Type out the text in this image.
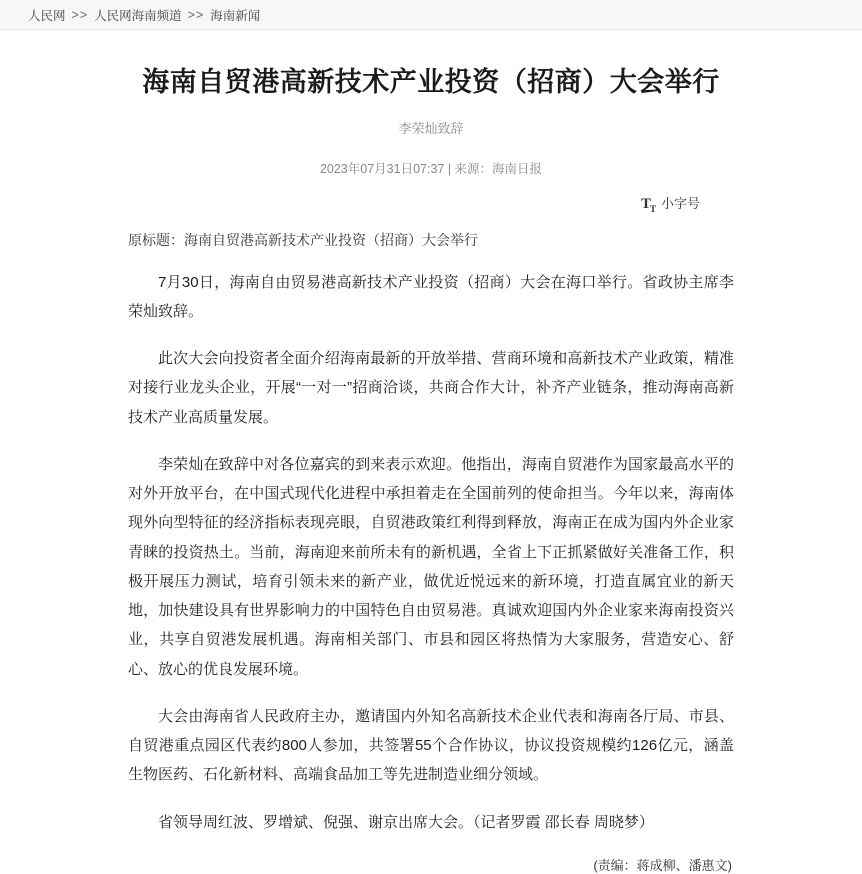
人民网 >> 人民网海南频道 >> 海南新闻
海南自贸港高新技术产业投资（招商）大会举行
李荣灿致辞
2023年07月31日07:37 | 来源：海南日报
$T_T$ 小字号
原标题：海南自贸港高新技术产业投资（招商）大会举行

7月30日，海南自由贸易港高新技术产业投资（招商）大会在海口举行。省政协主席李荣灿致辞。

此次大会向投资者全面介绍海南最新的开放举措、营商环境和高新技术产业政策，精准对接行业龙头企业，开展“一对一”招商洽谈，共商合作大计，补齐产业链条，推动海南高新技术产业高质量发展。

李荣灿在致辞中对各位嘉宾的到来表示欢迎。他指出，海南自贸港作为国家最高水平的对外开放平台，在中国式现代化进程中承担着走在全国前列的使命担当。今年以来，海南体现外向型特征的经济指标表现亮眼，自贸港政策红利得到释放，海南正在成为国内外企业家青睐的投资热土。当前，海南迎来前所未有的新机遇，全省上下正抓紧做好关准备工作，积极开展压力测试，培育引领未来的新产业，做优近悦远来的新环境，打造直属宜业的新天地，加快建设具有世界影响力的中国特色自由贸易港。真诚欢迎国内外企业家来海南投资兴业，共享自贸港发展机遇。海南相关部门、市县和园区将热情为大家服务，营造安心、舒心、放心的优良发展环境。

大会由海南省人民政府主办，邀请国内外知名高新技术企业代表和海南各厅局、市县、自贸港重点园区代表约800人参加，共签署55个合作协议，协议投资规模约126亿元，涵盖生物医药、石化新材料、高端食品加工等先进制造业细分领域。

省领导周红波、罗增斌、倪强、谢京出席大会。（记者罗霞 邵长春 周晓梦）

(责编：蒋成柳、潘惠文)
